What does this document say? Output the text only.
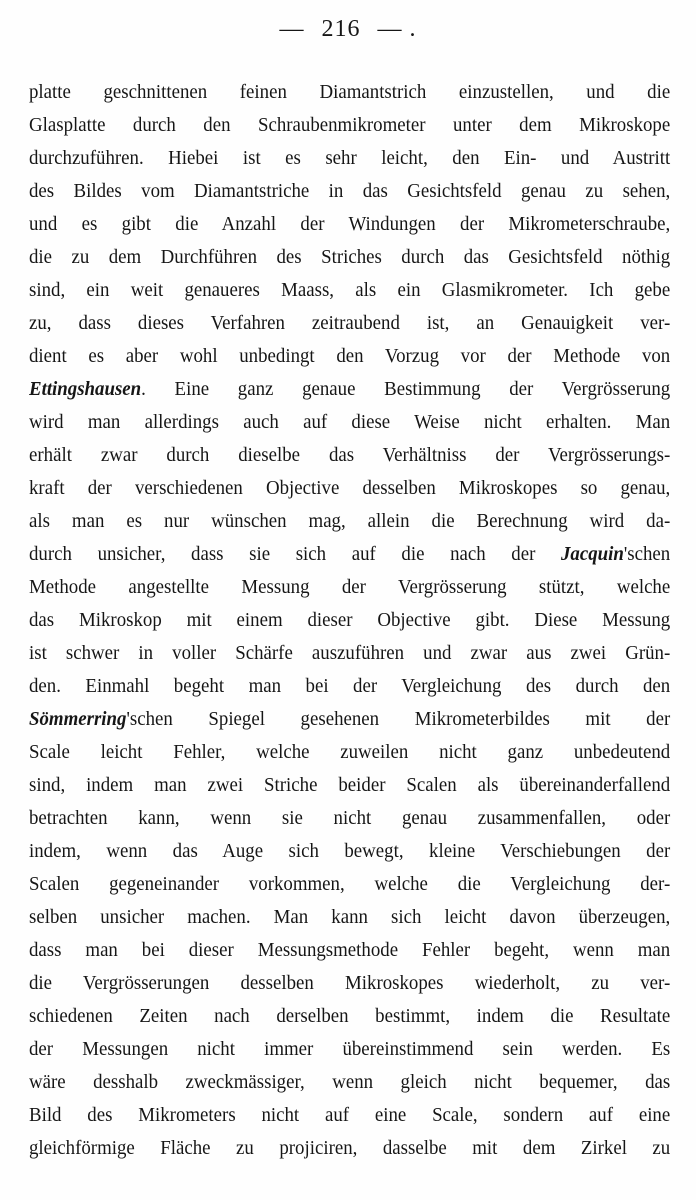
— 216 — .
platte geschnittenen feinen Diamantstrich einzustellen, und die
Glasplatte durch den Schraubenmikrometer unter dem Mikroskope
durchzuführen. Hiebei ist es sehr leicht, den Ein- und Austritt
des Bildes vom Diamantstriche in das Gesichtsfeld genau zu sehen,
und es gibt die Anzahl der Windungen der Mikrometerschraube,
die zu dem Durchführen des Striches durch das Gesichtsfeld nöthig
sind, ein weit genaueres Maass, als ein Glasmikrometer. Ich gebe
zu, dass dieses Verfahren zeitraubend ist, an Genauigkeit ver-
dient es aber wohl unbedingt den Vorzug vor der Methode von
Ettingshausen. Eine ganz genaue Bestimmung der Vergrösserung
wird man allerdings auch auf diese Weise nicht erhalten. Man
erhält zwar durch dieselbe das Verhältniss der Vergrösserungs-
kraft der verschiedenen Objective desselben Mikroskopes so genau,
als man es nur wünschen mag, allein die Berechnung wird da-
durch unsicher, dass sie sich auf die nach der Jacquin'schen
Methode angestellte Messung der Vergrösserung stützt, welche
das Mikroskop mit einem dieser Objective gibt. Diese Messung
ist schwer in voller Schärfe auszuführen und zwar aus zwei Grün-
den. Einmahl begeht man bei der Vergleichung des durch den
Sömmerring'schen Spiegel gesehenen Mikrometerbildes mit der
Scale leicht Fehler, welche zuweilen nicht ganz unbedeutend
sind, indem man zwei Striche beider Scalen als übereinanderfallend
betrachten kann, wenn sie nicht genau zusammenfallen, oder
indem, wenn das Auge sich bewegt, kleine Verschiebungen der
Scalen gegeneinander vorkommen, welche die Vergleichung der-
selben unsicher machen. Man kann sich leicht davon überzeugen,
dass man bei dieser Messungsmethode Fehler begeht, wenn man
die Vergrösserungen desselben Mikroskopes wiederholt, zu ver-
schiedenen Zeiten nach derselben bestimmt, indem die Resultate
der Messungen nicht immer übereinstimmend sein werden. Es
wäre desshalb zweckmässiger, wenn gleich nicht bequemer, das
Bild des Mikrometers nicht auf eine Scale, sondern auf eine
gleichförmige Fläche zu projiciren, dasselbe mit dem Zirkel zu
